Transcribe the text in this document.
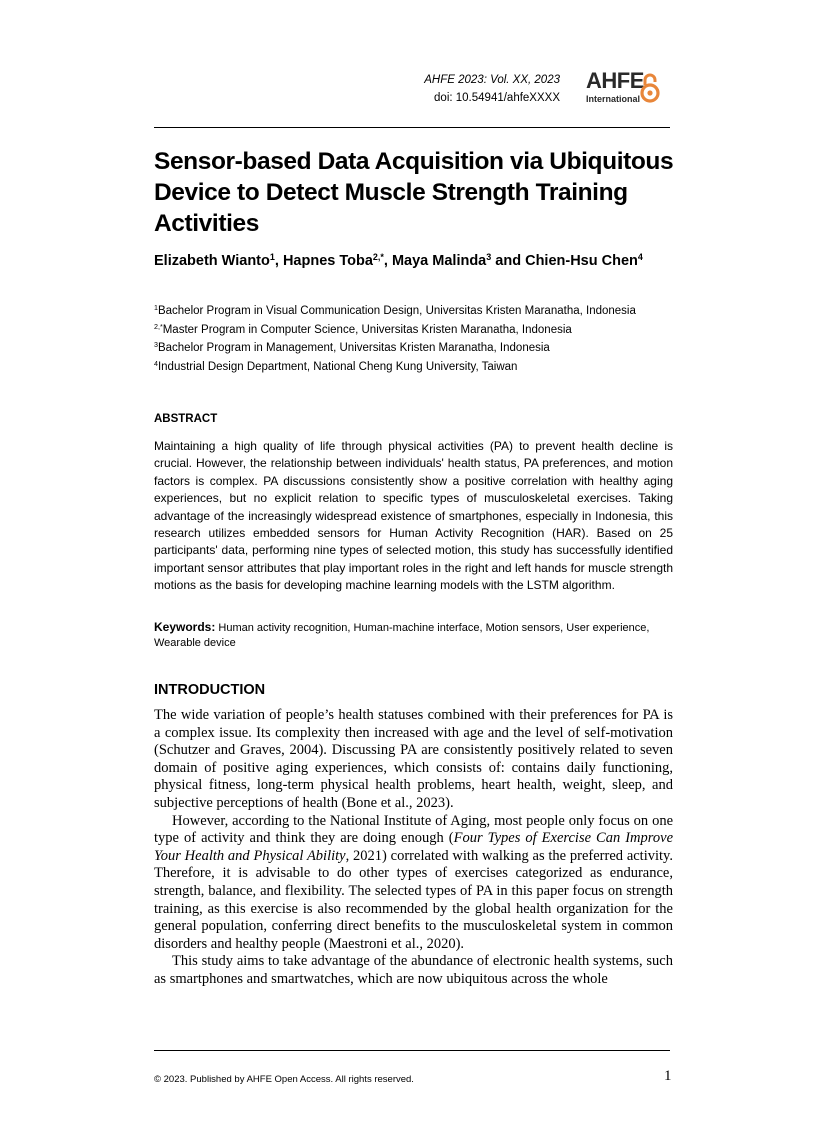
AHFE 2023: Vol. XX, 2023
doi: 10.54941/ahfeXXXX
AHFE
International
Sensor-based Data Acquisition via Ubiquitous Device to Detect Muscle Strength Training Activities
Elizabeth Wianto$^1$, Hapnes Toba$^{2,*}$, Maya Malinda$^3$ and Chien-Hsu Chen$^4$
$^1$Bachelor Program in Visual Communication Design, Universitas Kristen Maranatha, Indonesia
$^{2,*}$Master Program in Computer Science, Universitas Kristen Maranatha, Indonesia
$^3$Bachelor Program in Management, Universitas Kristen Maranatha, Indonesia
$^4$Industrial Design Department, National Cheng Kung University, Taiwan
ABSTRACT

Maintaining a high quality of life through physical activities (PA) to prevent health decline is crucial. However, the relationship between individuals' health status, PA preferences, and motion factors is complex. PA discussions consistently show a positive correlation with healthy aging experiences, but no explicit relation to specific types of musculoskeletal exercises. Taking advantage of the increasingly widespread existence of smartphones, especially in Indonesia, this research utilizes embedded sensors for Human Activity Recognition (HAR). Based on 25 participants' data, performing nine types of selected motion, this study has successfully identified important sensor attributes that play important roles in the right and left hands for muscle strength motions as the basis for developing machine learning models with the LSTM algorithm.

Keywords: Human activity recognition, Human-machine interface, Motion sensors, User experience, Wearable device
INTRODUCTION

The wide variation of people’s health statuses combined with their preferences for PA is a complex issue. Its complexity then increased with age and the level of self-motivation (Schutzer and Graves, 2004). Discussing PA are consistently positively related to seven domain of positive aging experiences, which consists of: contains daily functioning, physical fitness, long-term physical health problems, heart health, weight, sleep, and subjective perceptions of health (Bone et al., 2023).

However, according to the National Institute of Aging, most people only focus on one type of activity and think they are doing enough (Four Types of Exercise Can Improve Your Health and Physical Ability, 2021) correlated with walking as the preferred activity. Therefore, it is advisable to do other types of exercises categorized as endurance, strength, balance, and flexibility. The selected types of PA in this paper focus on strength training, as this exercise is also recommended by the global health organization for the general population, conferring direct benefits to the musculoskeletal system in common disorders and healthy people (Maestroni et al., 2020).

This study aims to take advantage of the abundance of electronic health systems, such as smartphones and smartwatches, which are now ubiquitous across the whole

© 2023. Published by AHFE Open Access. All rights reserved.	1
